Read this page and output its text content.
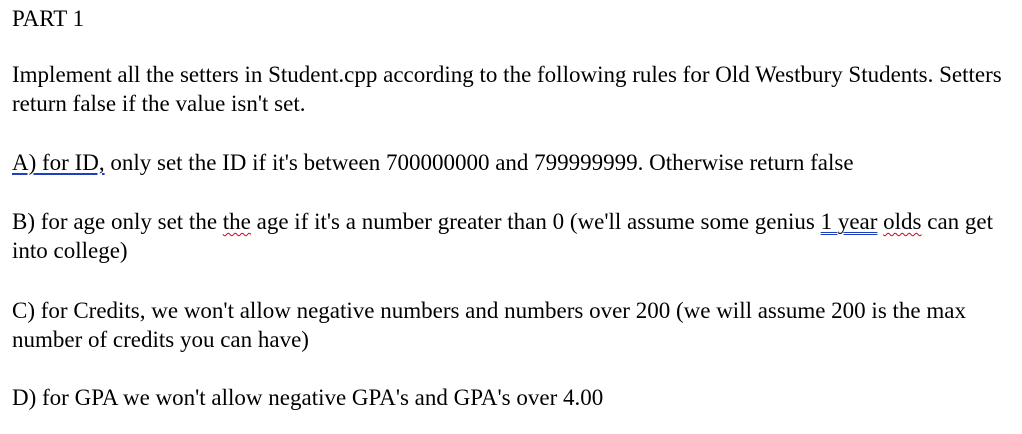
PART 1
Implement all the setters in Student.cpp according to the following rules for Old Westbury Students. Setters return false if the value isn't set.
A) for ID, only set the ID if it's between 700000000 and 799999999. Otherwise return false
B) for age only set the the age if it's a number greater than 0 (we'll assume some genius 1 year olds can get into college)
C) for Credits, we won't allow negative numbers and numbers over 200 (we will assume 200 is the max number of credits you can have)
D) for GPA we won't allow negative GPA's and GPA's over 4.00
